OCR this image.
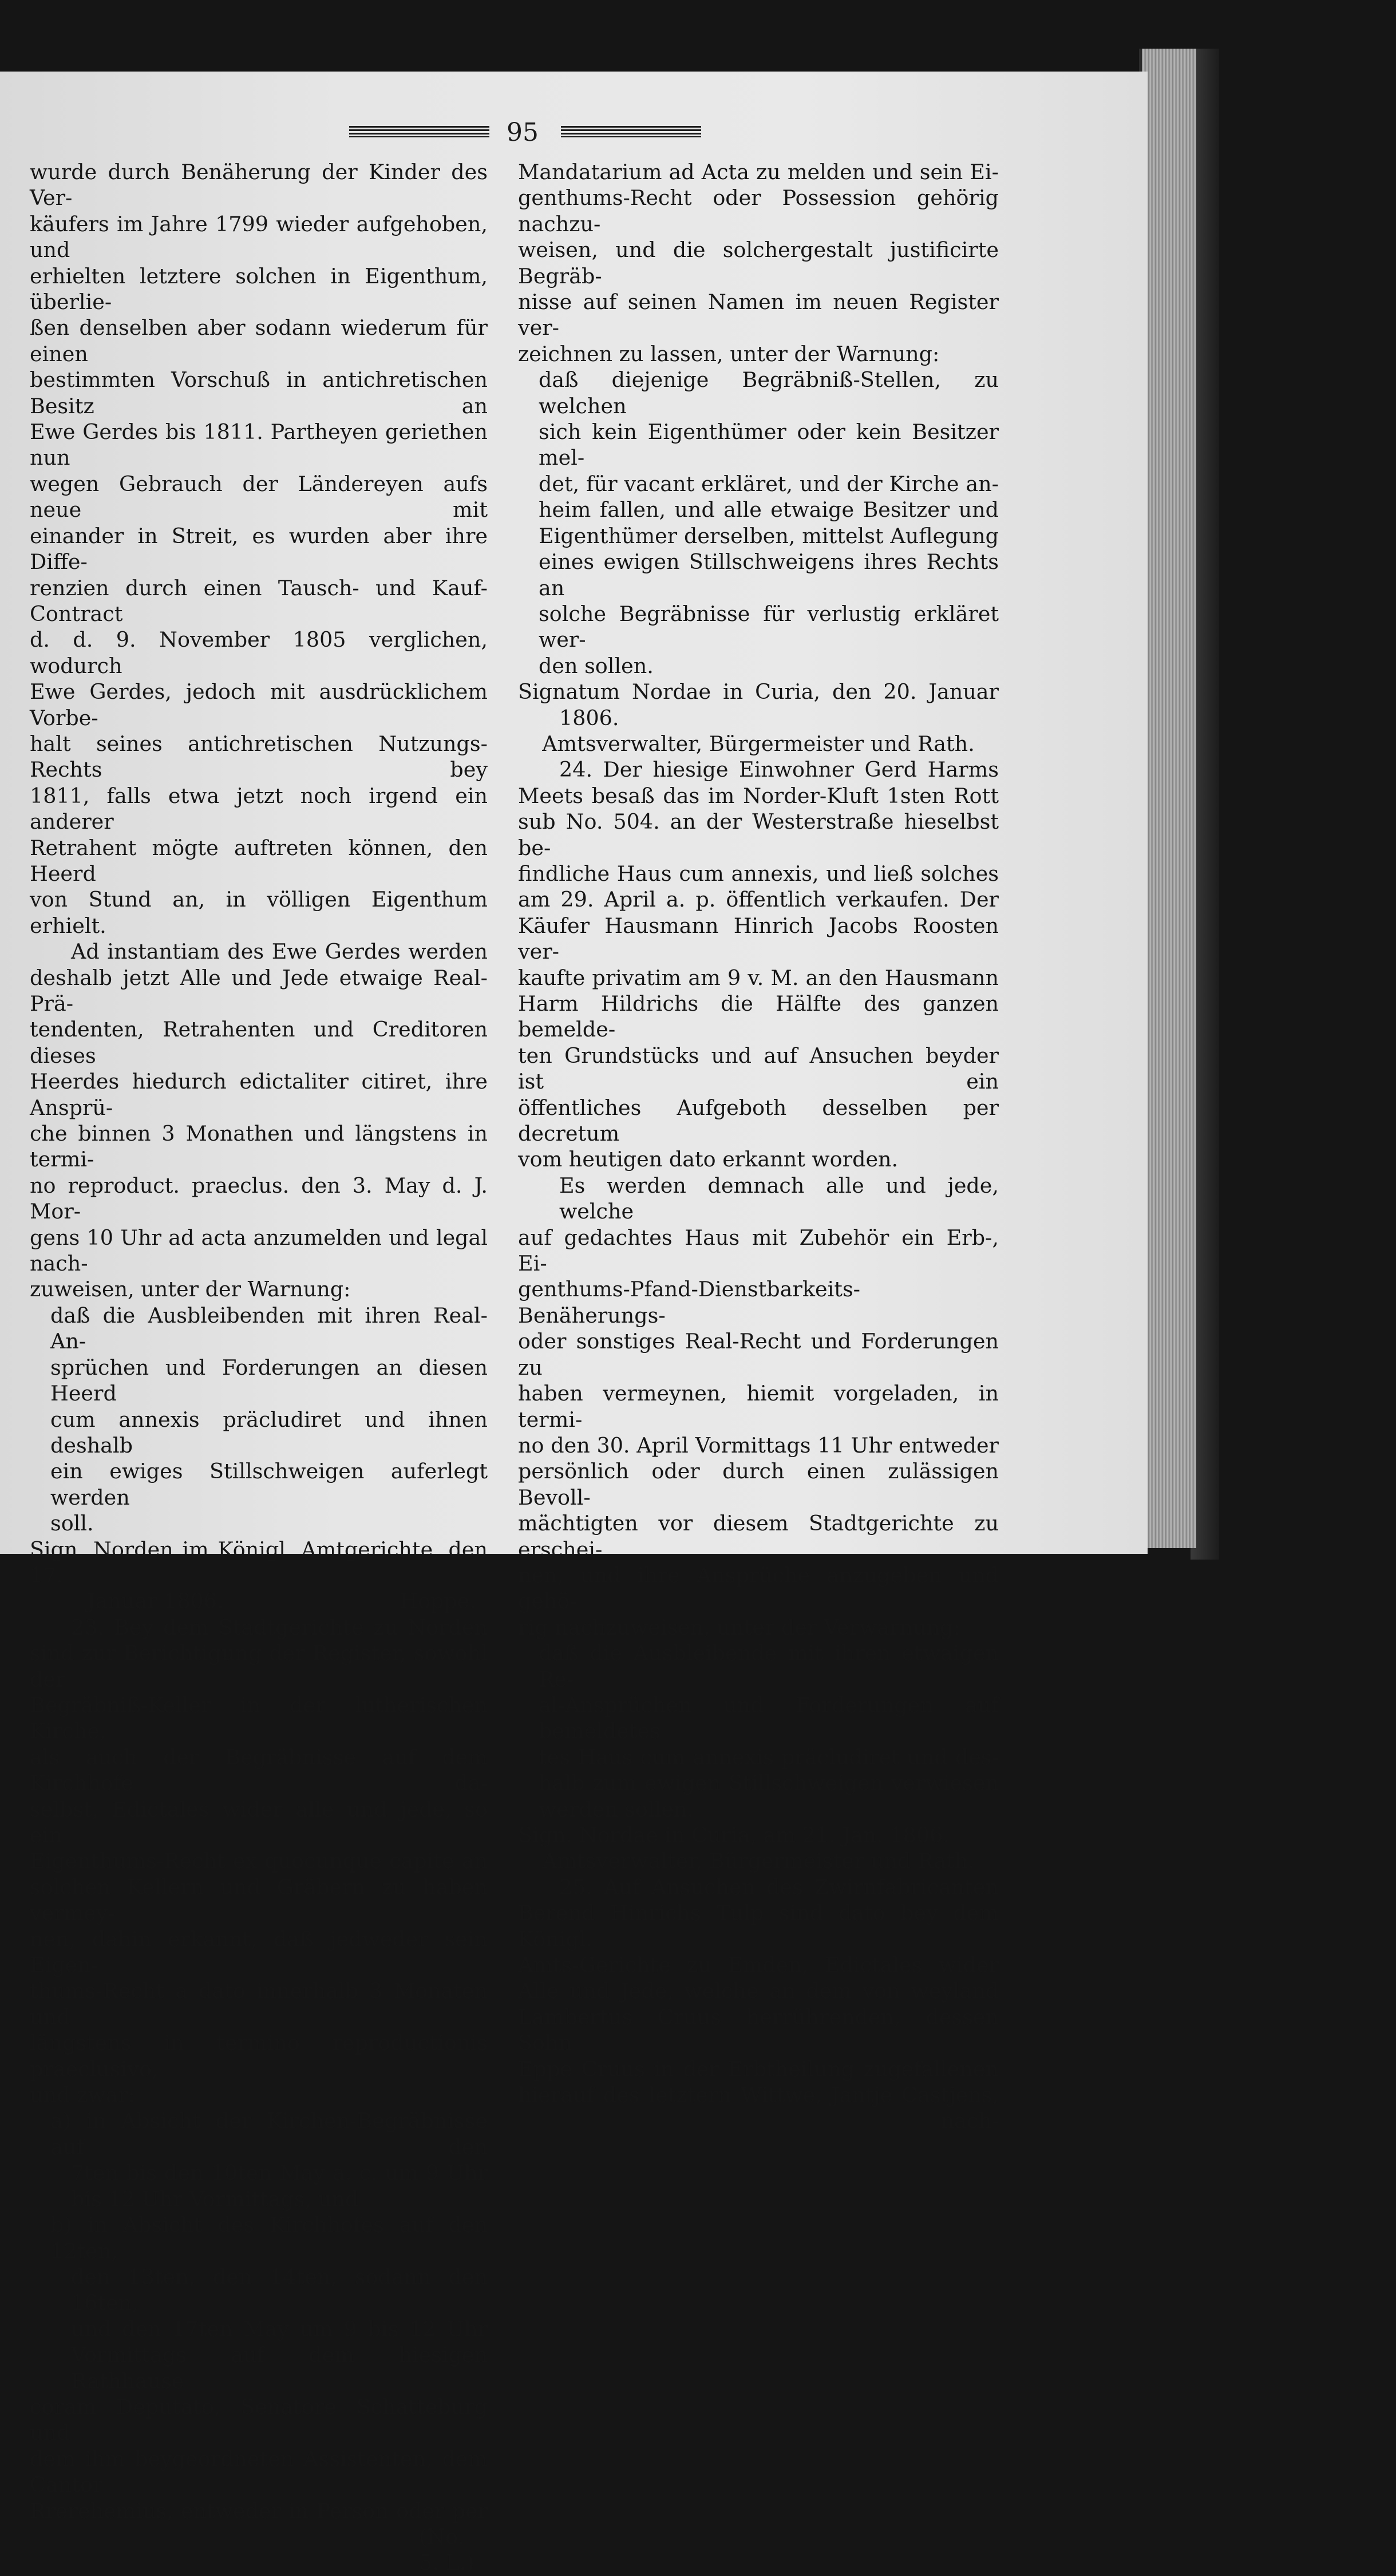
95

wurde durch Benäherung der Kinder des Ver-

käufers im Jahre 1799 wieder aufgehoben, und

erhielten letztere solchen in Eigenthum, überlie-

ßen denselben aber sodann wiederum für einen

bestimmten Vorschuß in antichretischen Besitz an

Ewe Gerdes bis 1811. Partheyen geriethen nun

wegen Gebrauch der Ländereyen aufs neue mit

einander in Streit, es wurden aber ihre Diffe-

renzien durch einen Tausch- und Kauf-Contract

d. d. 9. November 1805 verglichen, wodurch

Ewe Gerdes, jedoch mit ausdrücklichem Vorbe-

halt seines antichretischen Nutzungs-Rechts bey

1811, falls etwa jetzt noch irgend ein anderer

Retrahent mögte auftreten können, den Heerd

von Stund an, in völligen Eigenthum erhielt.

Ad instantiam des Ewe Gerdes werden

deshalb jetzt Alle und Jede etwaige Real-Prä-

tendenten, Retrahenten und Creditoren dieses

Heerdes hiedurch edictaliter citiret, ihre Ansprü-

che binnen 3 Monathen und längstens in termi-

no reproduct. praeclus. den 3. May d. J. Mor-

gens 10 Uhr ad acta anzumelden und legal nach-

zuweisen, unter der Warnung:

daß die Ausbleibenden mit ihren Real-An-

sprüchen und Forderungen an diesen Heerd

cum annexis präcludiret und ihnen deshalb

ein ewiges Stillschweigen auferlegt werden

soll.

Sign. Norden im Königl. Amtgerichte, den 17.

Januar 1806.	Hoppe.

23. Bey dem Stadtgerichte zu Norden

sind zur Berichtigung der Register, sowohl der

Begräbniß-Keller in der lutherischen Kirche,

als auch der Begräbnisse auf dem Kirchhofe da-

selbst, Edictales wider alle und jede, so ein

Eigenthums-Recht ex quocunque capite an

solchen Kellern und Gräbern zu haben vermey-

nen, dahin erkannt, daß jedweder sein Eigen-

thums-Recht a dato innerhalb 3 Monaten und

längstens in termino reproductionis praeclusivo,

und zwar:

a) in Absicht der Kirchen-Begräbnisse auf den

7ten bis den 10ten May a. c. um 9 Uhr

bis 12 Uhr Vormittags, und

b) in Absicht des Kirchhofes auf den 12ten,

den 13ten, den 14ten, sodann den 16ten,

und den 17ten May um 9 bis 12 Uhr

Vormittags auf dem hiesigen Rathhause

coram Deputato, Senatore Schatteburg und

dem ihm beygeordneten Assistenten, dem Cantor

Rrerehemius, entweder in Person oder per

(No. 5. L.)

Mandatarium ad Acta zu melden und sein Ei-

genthums-Recht oder Possession gehörig nachzu-

weisen, und die solchergestalt justificirte Begräb-

nisse auf seinen Namen im neuen Register ver-

zeichnen zu lassen, unter der Warnung:

daß diejenige Begräbniß-Stellen, zu welchen

sich kein Eigenthümer oder kein Besitzer mel-

det, für vacant erkläret, und der Kirche an-

heim fallen, und alle etwaige Besitzer und

Eigenthümer derselben, mittelst Auflegung

eines ewigen Stillschweigens ihres Rechts an

solche Begräbnisse für verlustig erkläret wer-

den sollen.

Signatum Nordae in Curia, den 20. Januar

1806.

Amtsverwalter, Bürgermeister und Rath.

24. Der hiesige Einwohner Gerd Harms

Meets besaß das im Norder-Kluft 1sten Rott

sub No. 504. an der Westerstraße hieselbst be-

findliche Haus cum annexis, und ließ solches

am 29. April a. p. öffentlich verkaufen. Der

Käufer Hausmann Hinrich Jacobs Roosten ver-

kaufte privatim am 9 v. M. an den Hausmann

Harm Hildrichs die Hälfte des ganzen bemelde-

ten Grundstücks und auf Ansuchen beyder ist ein

öffentliches Aufgeboth desselben per decretum

vom heutigen dato erkannt worden.

Es werden demnach alle und jede, welche

auf gedachtes Haus mit Zubehör ein Erb-, Ei-

genthums-Pfand-Dienstbarkeits-Benäherungs-

oder sonstiges Real-Recht und Forderungen zu

haben vermeynen, hiemit vorgeladen, in termi-

no den 30. April Vormittags 11 Uhr entweder

persönlich oder durch einen zulässigen Bevoll-

mächtigten vor diesem Stadtgerichte zu erschei-

nen, und ihre Ansprüche anzugeben und gehö-

rig nachzuweisen, unter der Verwarnung:

daß die Ausbleibende mit ihren etwaigen Re-

al-Ansprüchen und Forderungen auf bemeldetes

tes Haus cum annexis präcludiret und des-

halb zum ewigen Stillschweigen verwiesen

werden sollen.

Sign. Nordae in Curia, am 21. Jan. 1806.

Amtsverwalter, Bürgermeister und Rath.

25. Auf Ansuchen des Zwirnfabricanten

Berend Hinrichs Tulp sind dato bey dem Königl.

Amts-Gerichte zu Emden, Edictales wider

Alle und Jede, welche an dem von weyland

Lambertus Cruus herrührenden, dessen Sohn

Eppe Cruus in der Erbtheilung zugefallenen

hierauf des letztern Wittwe, Jantje Castjens,

nach-
